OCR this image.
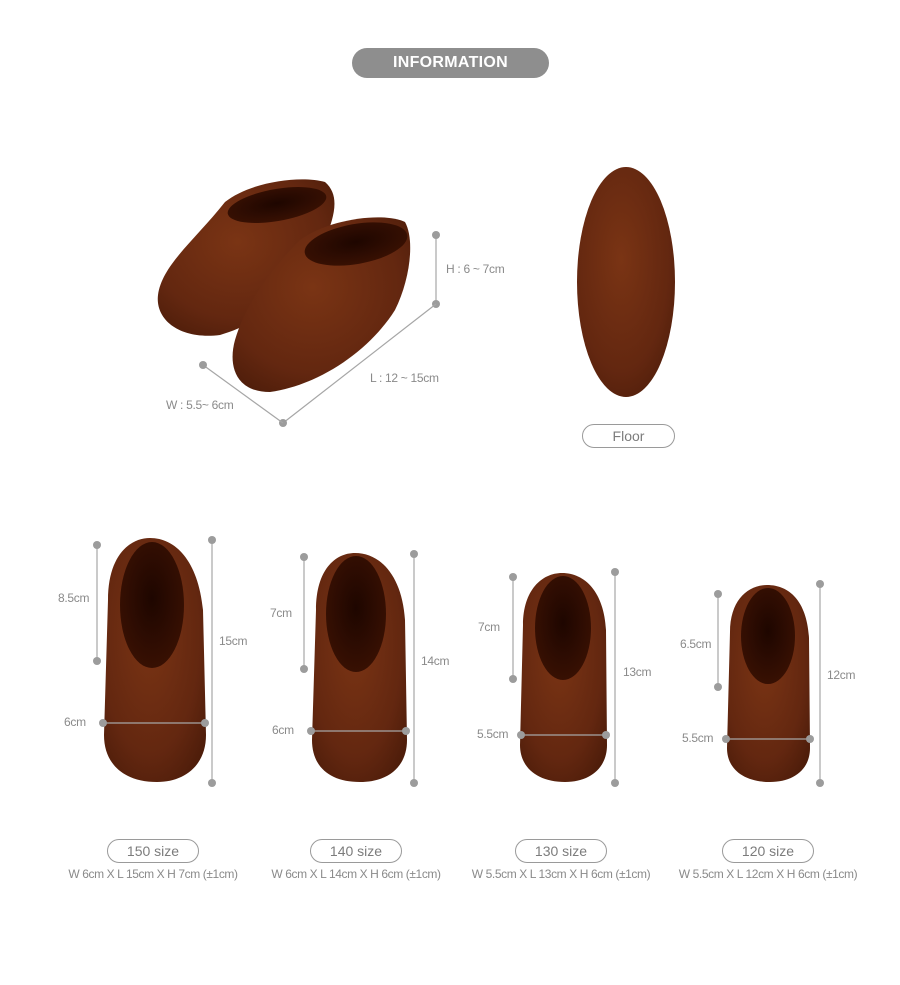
INFORMATION
H : 6 ~ 7cm
L : 12 ~ 15cm
W : 5.5~ 6cm
Floor
8.5cm
15cm
6cm
7cm
14cm
6cm
7cm
13cm
5.5cm
6.5cm
12cm
5.5cm
150 size	140 size	130 size	120 size
W 6cm X L 15cm X H 7cm (±1cm)	W 6cm X L 14cm X H 6cm (±1cm)	W 5.5cm X L 13cm X H 6cm (±1cm)	W 5.5cm X L 12cm X H 6cm (±1cm)
